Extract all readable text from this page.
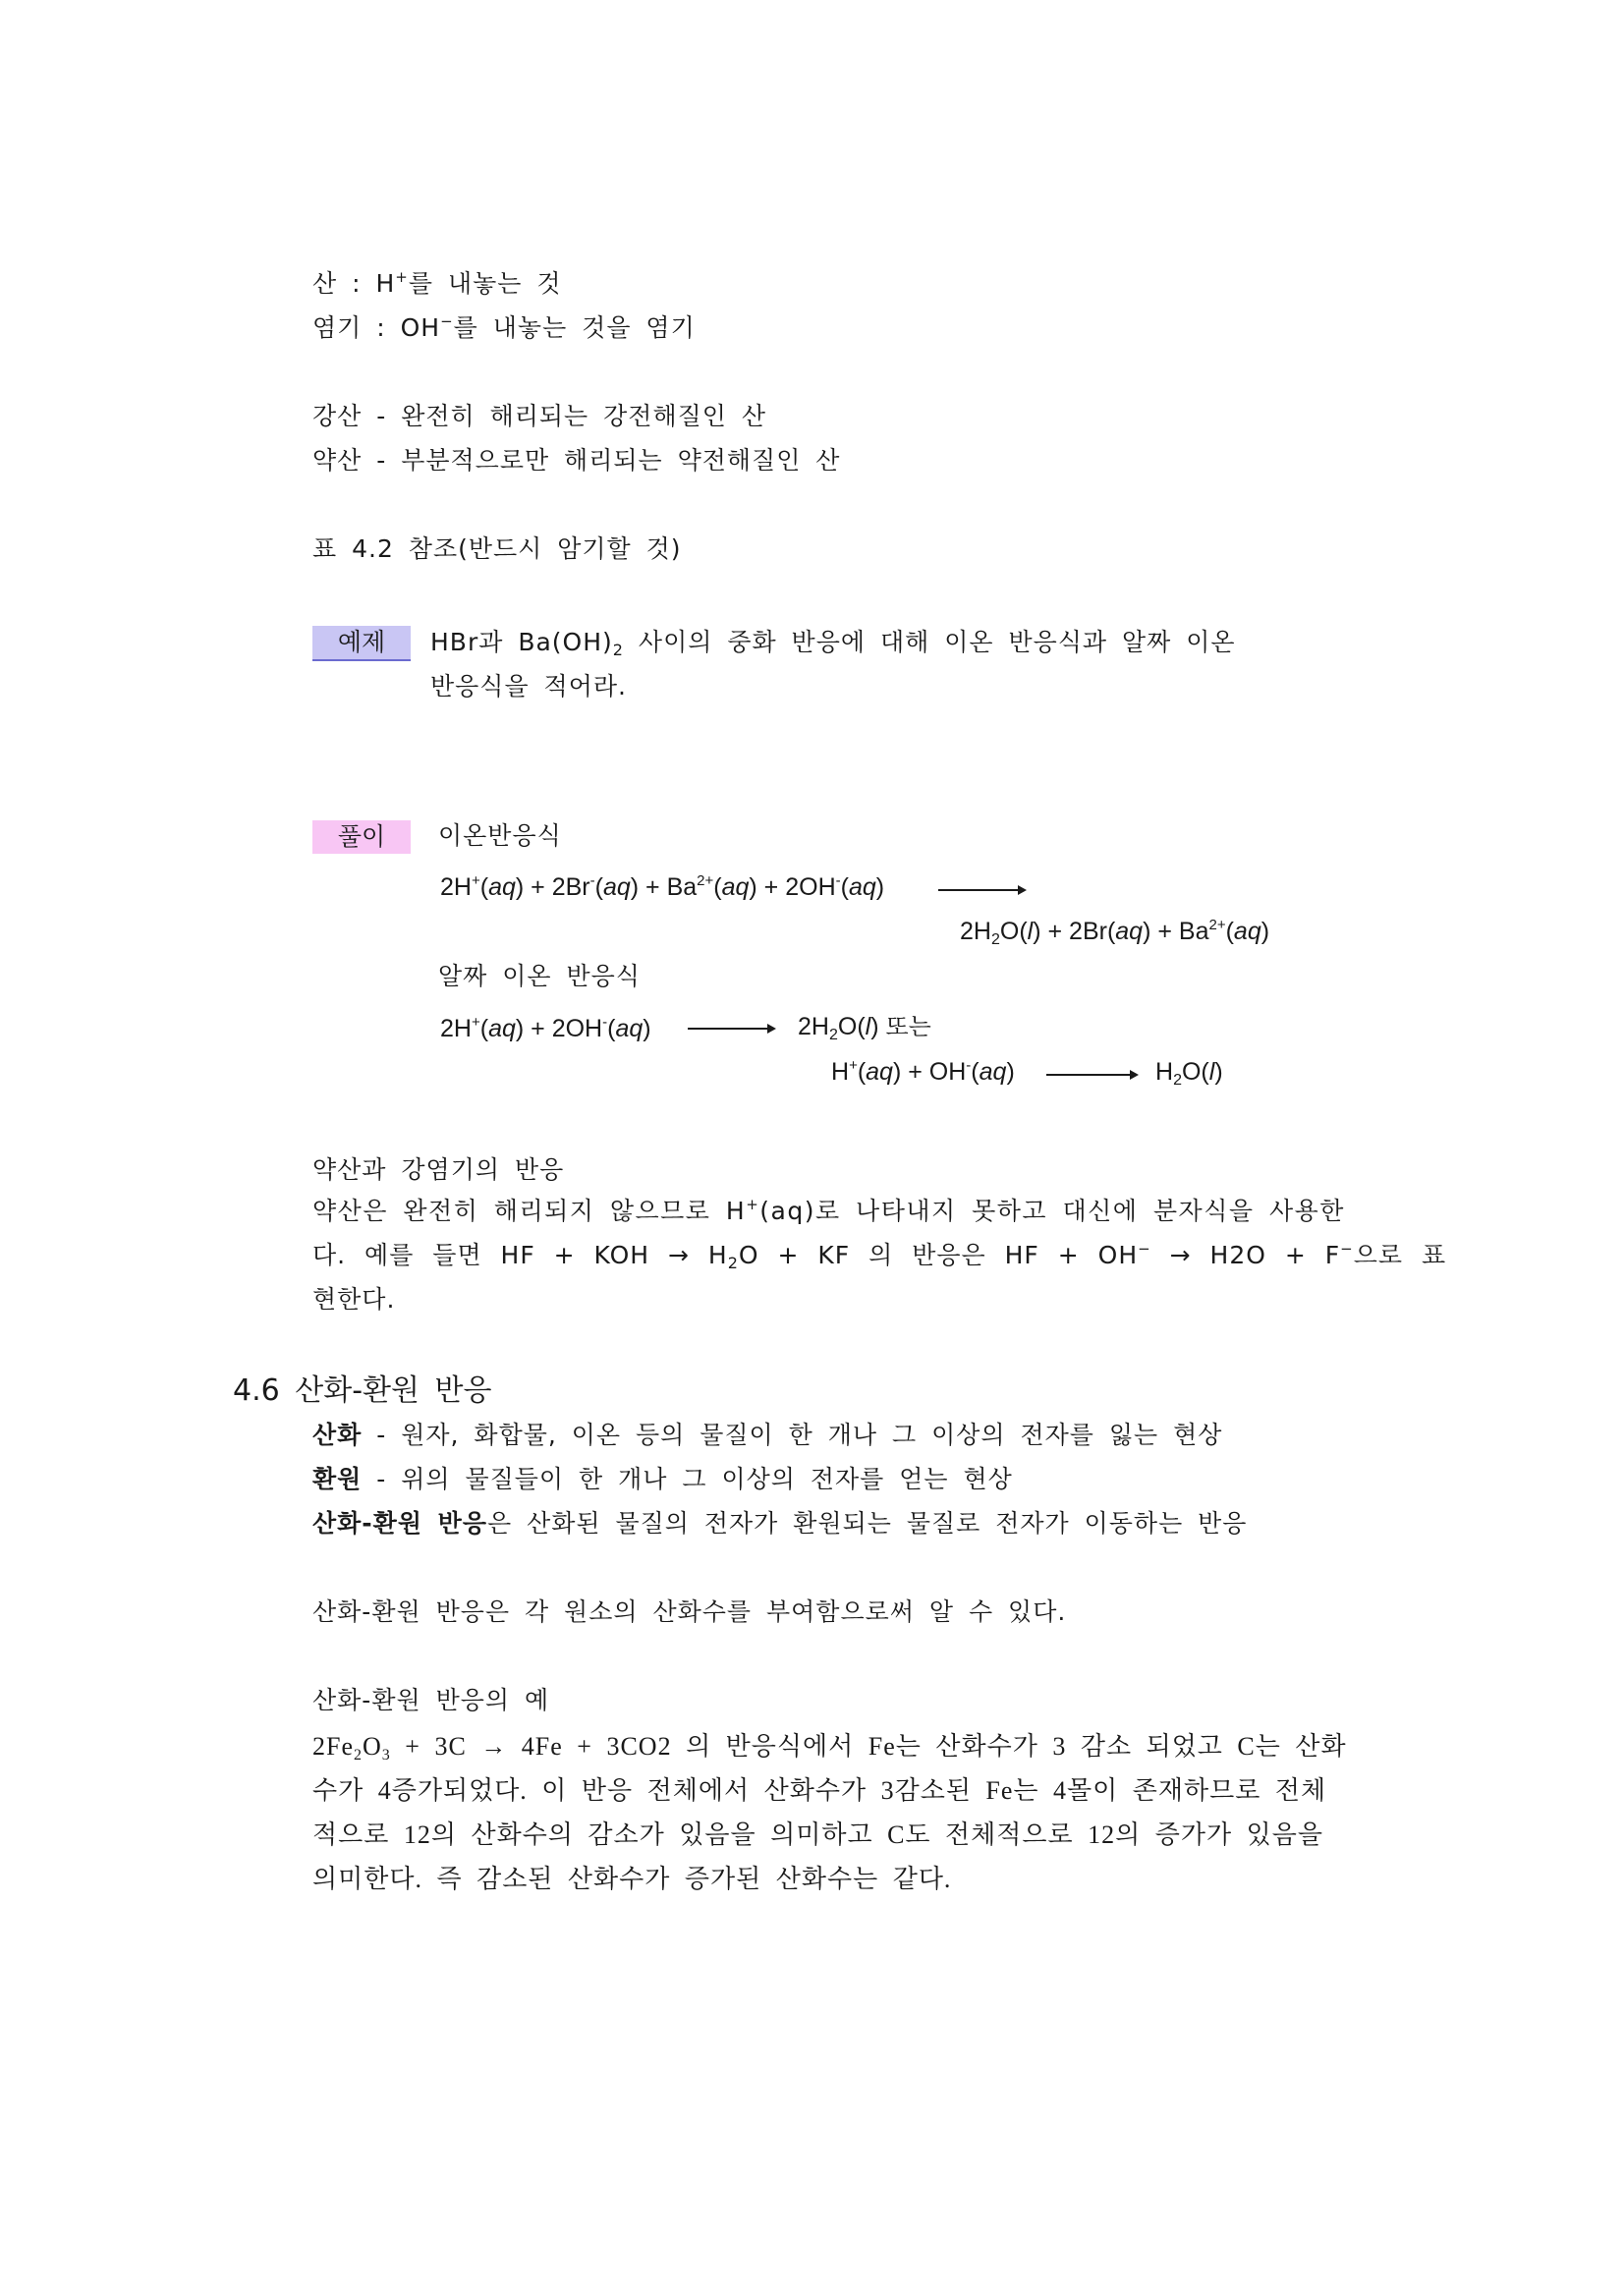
산 : H+를 내놓는 것
염기 : OH−를 내놓는 것을 염기
강산 - 완전히 해리되는 강전해질인 산
약산 - 부분적으로만 해리되는 약전해질인 산
표 4.2 참조(반드시 암기할 것)
예제	HBr과 $Ba(OH)_2$ 사이의 중화 반응에 대해 이온 반응식과 알짜 이온
반응식을 적어라.
풀이	이온반응식
$2H^+(aq) + 2Br^-(aq) + Ba^{2+}(aq) + 2OH^-(aq)$
$2H_2O(l) + 2Br(aq) + Ba^{2+}(aq)$
알짜 이온 반응식
2H+(aq) + 2OH-(aq)	$2H_2O(l)$ 또는
H+(aq) + OH-(aq)	$H_2O(l)$
약산과 강염기의 반응
약산은 완전히 해리되지 않으므로 H+(aq)로 나타내지 못하고 대신에 분자식을 사용한
다. 예를 들면 HF + KOH → $H_2O$ + KF 의 반응은 HF + OH− → H2O + F−으로 표
현한다.
4.6 산화-환원 반응
산화 - 원자, 화합물, 이온 등의 물질이 한 개나 그 이상의 전자를 잃는 현상
환원 - 위의 물질들이 한 개나 그 이상의 전자를 얻는 현상
산화-환원 반응은 산화된 물질의 전자가 환원되는 물질로 전자가 이동하는 반응
산화-환원 반응은 각 원소의 산화수를 부여함으로써 알 수 있다.
산화-환원 반응의 예
$2Fe_2O_3 + 3C \to 4Fe + 3CO2$ 의 반응식에서 Fe는 산화수가 3 감소 되었고 C는 산화
수가 4증가되었다. 이 반응 전체에서 산화수가 3감소된 Fe는 4몰이 존재하므로 전체
적으로 12의 산화수의 감소가 있음을 의미하고 C도 전체적으로 12의 증가가 있음을
의미한다. 즉 감소된 산화수가 증가된 산화수는 같다.
